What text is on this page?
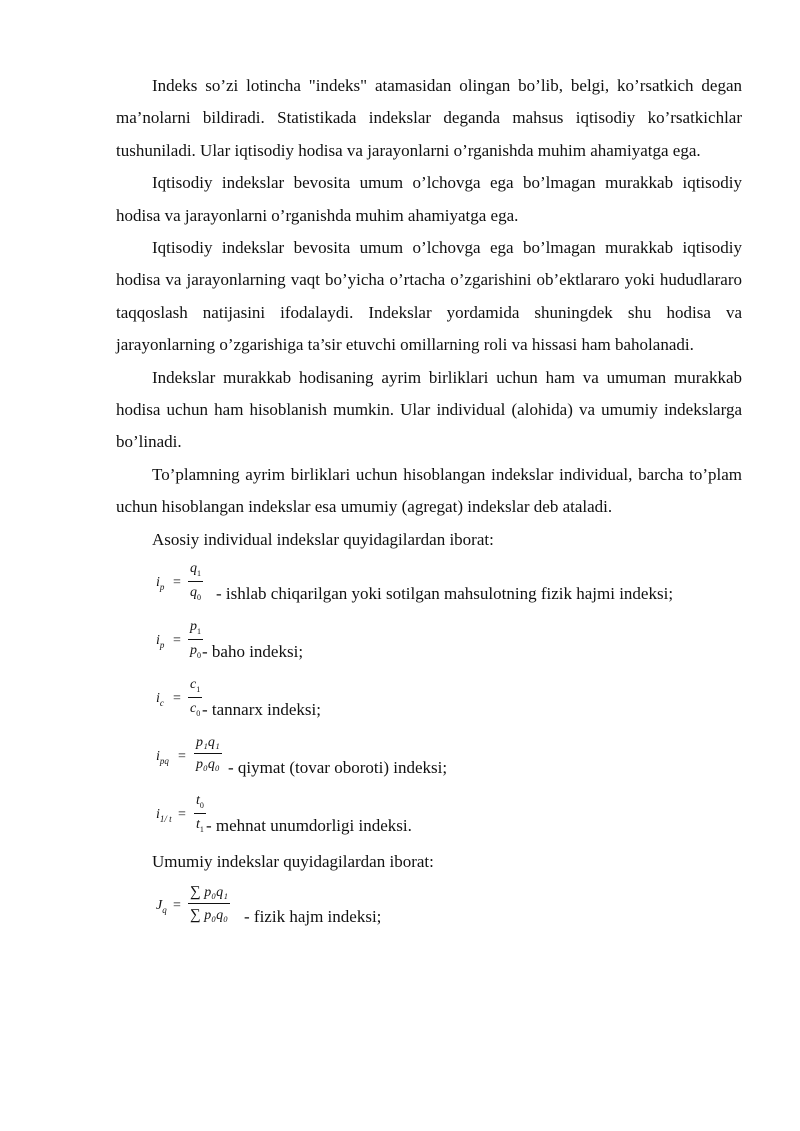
Indeks so’zi lotincha "indeks" atamasidan olingan bo’lib, belgi, ko’rsatkich degan ma’nolarni bildiradi. Statistikada indekslar deganda mahsus iqtisodiy ko’rsatkichlar tushuniladi. Ular iqtisodiy hodisa va jarayonlarni o’rganishda muhim ahamiyatga ega.

Iqtisodiy indekslar bevosita umum o’lchovga ega bo’lmagan murakkab iqtisodiy hodisa va jarayonlarni o’rganishda muhim ahamiyatga ega.

Iqtisodiy indekslar bevosita umum o’lchovga ega bo’lmagan murakkab iqtisodiy hodisa va jarayonlarning vaqt bo’yicha o’rtacha o’zgarishini ob’ektlararo yoki hududlararo taqqoslash natijasini ifodalaydi. Indekslar yordamida shuningdek shu hodisa va jarayonlarning o’zgarishiga ta’sir etuvchi omillarning roli va hissasi ham baholanadi.

Indekslar murakkab hodisaning ayrim birliklari uchun ham va umuman murakkab hodisa uchun ham hisoblanish mumkin. Ular individual (alohida) va umumiy indekslarga bo’linadi.

To’plamning ayrim birliklari uchun hisoblangan indekslar individual, barcha to’plam uchun hisoblangan indekslar esa umumiy (agregat) indekslar deb ataladi.

Asosiy individual indekslar quyidagilardan iborat:

$i_p$ =
$q_1$
$q_0$ - ishlab chiqarilgan yoki sotilgan mahsulotning fizik hajmi indeksi;
$i_p$ =
$p_1$
$p_0$ - baho indeksi;
$i_c$ =
$c_1$
$c_0$ - tannarx indeksi;
$i_{pq}$ =
p₁q₁
p₀q₀ - qiymat (tovar oboroti) indeksi;
$i_{1/ t}$ =
$t_0$
$t_1$ - mehnat unumdorligi indeksi.

Umumiy indekslar quyidagilardan iborat:

$J_q$ =
∑ p₀q₁
∑ p₀q₀ - fizik hajm indeksi;
